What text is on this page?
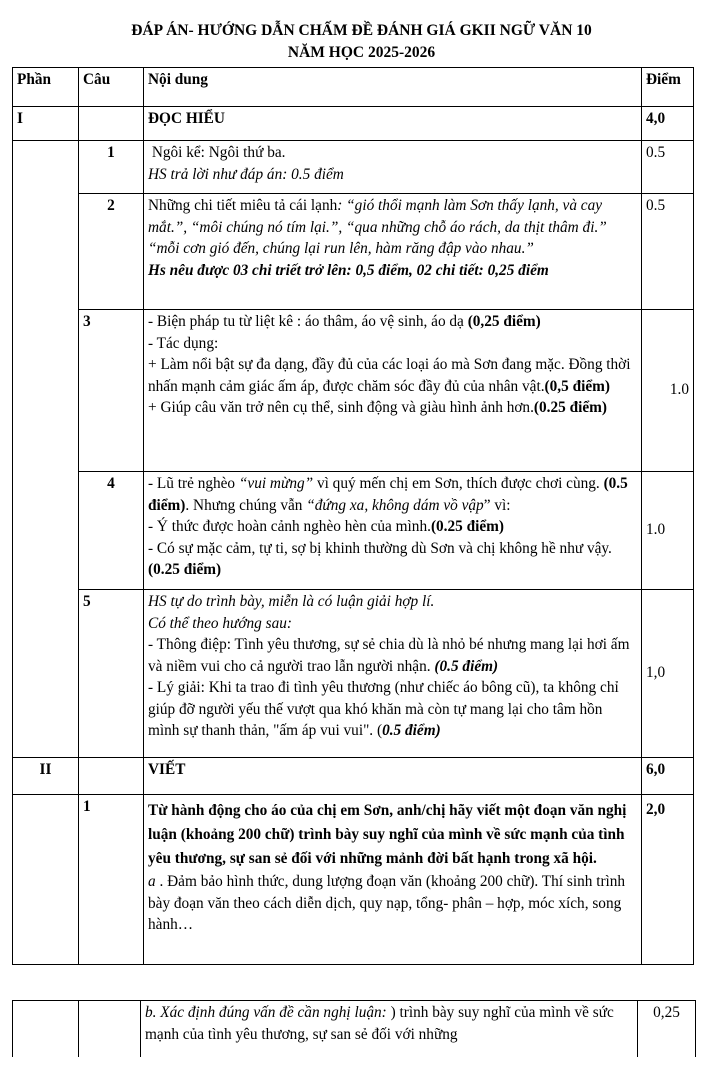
ĐÁP ÁN- HƯỚNG DẪN CHẤM ĐỀ ĐÁNH GIÁ GKII NGỮ VĂN 10
NĂM HỌC 2025-2026
Phần	Câu	Nội dung	Điểm
I		ĐỌC HIỂU	4,0
	1	Ngôi kể: Ngôi thứ ba.
HS trả lời như đáp án: 0.5 điểm	0.5
	2	Những chi tiết miêu tả cái lạnh: “gió thổi mạnh làm Sơn thấy lạnh, và cay mắt.”, “môi chúng nó tím lại.”, “qua những chỗ áo rách, da thịt thâm đi.” “mỗi cơn gió đến, chúng lại run lên, hàm răng đập vào nhau.”
Hs nêu được 03 chi triết trở lên: 0,5 điểm, 02 chi tiết: 0,25 điểm	0.5
	3	- Biện pháp tu từ liệt kê : áo thâm, áo vệ sinh, áo dạ (0,25 điểm)
- Tác dụng:
+ Làm nổi bật sự đa dạng, đầy đủ của các loại áo mà Sơn đang mặc. Đồng thời nhấn mạnh cảm giác ấm áp, được chăm sóc đầy đủ của nhân vật.(0,5 điểm)
+ Giúp câu văn trở nên cụ thể, sinh động và giàu hình ảnh hơn.(0.25 điểm)	1.0
	4	- Lũ trẻ nghèo “vui mừng” vì quý mến chị em Sơn, thích được chơi cùng. (0.5 điểm). Nhưng chúng vẫn “đứng xa, không dám vồ vập” vì:
- Ý thức được hoàn cảnh nghèo hèn của mình.(0.25 điểm)
- Có sự mặc cảm, tự ti, sợ bị khinh thường dù Sơn và chị không hề như vậy.(0.25 điểm)	1.0
	5	HS tự do trình bày, miễn là có luận giải hợp lí.
Có thể theo hướng sau:
- Thông điệp: Tình yêu thương, sự sẻ chia dù là nhỏ bé nhưng mang lại hơi ấm và niềm vui cho cả người trao lẫn người nhận. (0.5 điểm)
- Lý giải: Khi ta trao đi tình yêu thương (như chiếc áo bông cũ), ta không chỉ giúp đỡ người yếu thế vượt qua khó khăn mà còn tự mang lại cho tâm hồn mình sự thanh thản, "ấm áp vui vui". (0.5 điểm)	1,0
II		VIẾT	6,0
	1	Từ hành động cho áo của chị em Sơn, anh/chị hãy viết một đoạn văn nghị luận (khoảng 200 chữ) trình bày suy nghĩ của mình về sức mạnh của tình yêu thương, sự san sẻ đối với những mảnh đời bất hạnh trong xã hội.
a . Đảm bảo hình thức, dung lượng đoạn văn (khoảng 200 chữ). Thí sinh trình bày đoạn văn theo cách diễn dịch, quy nạp, tổng- phân – hợp, móc xích, song hành…	2,0
		b. Xác định đúng vấn đề cần nghị luận: ) trình bày suy nghĩ của mình về sức mạnh của tình yêu thương, sự san sẻ đối với những	0,25
